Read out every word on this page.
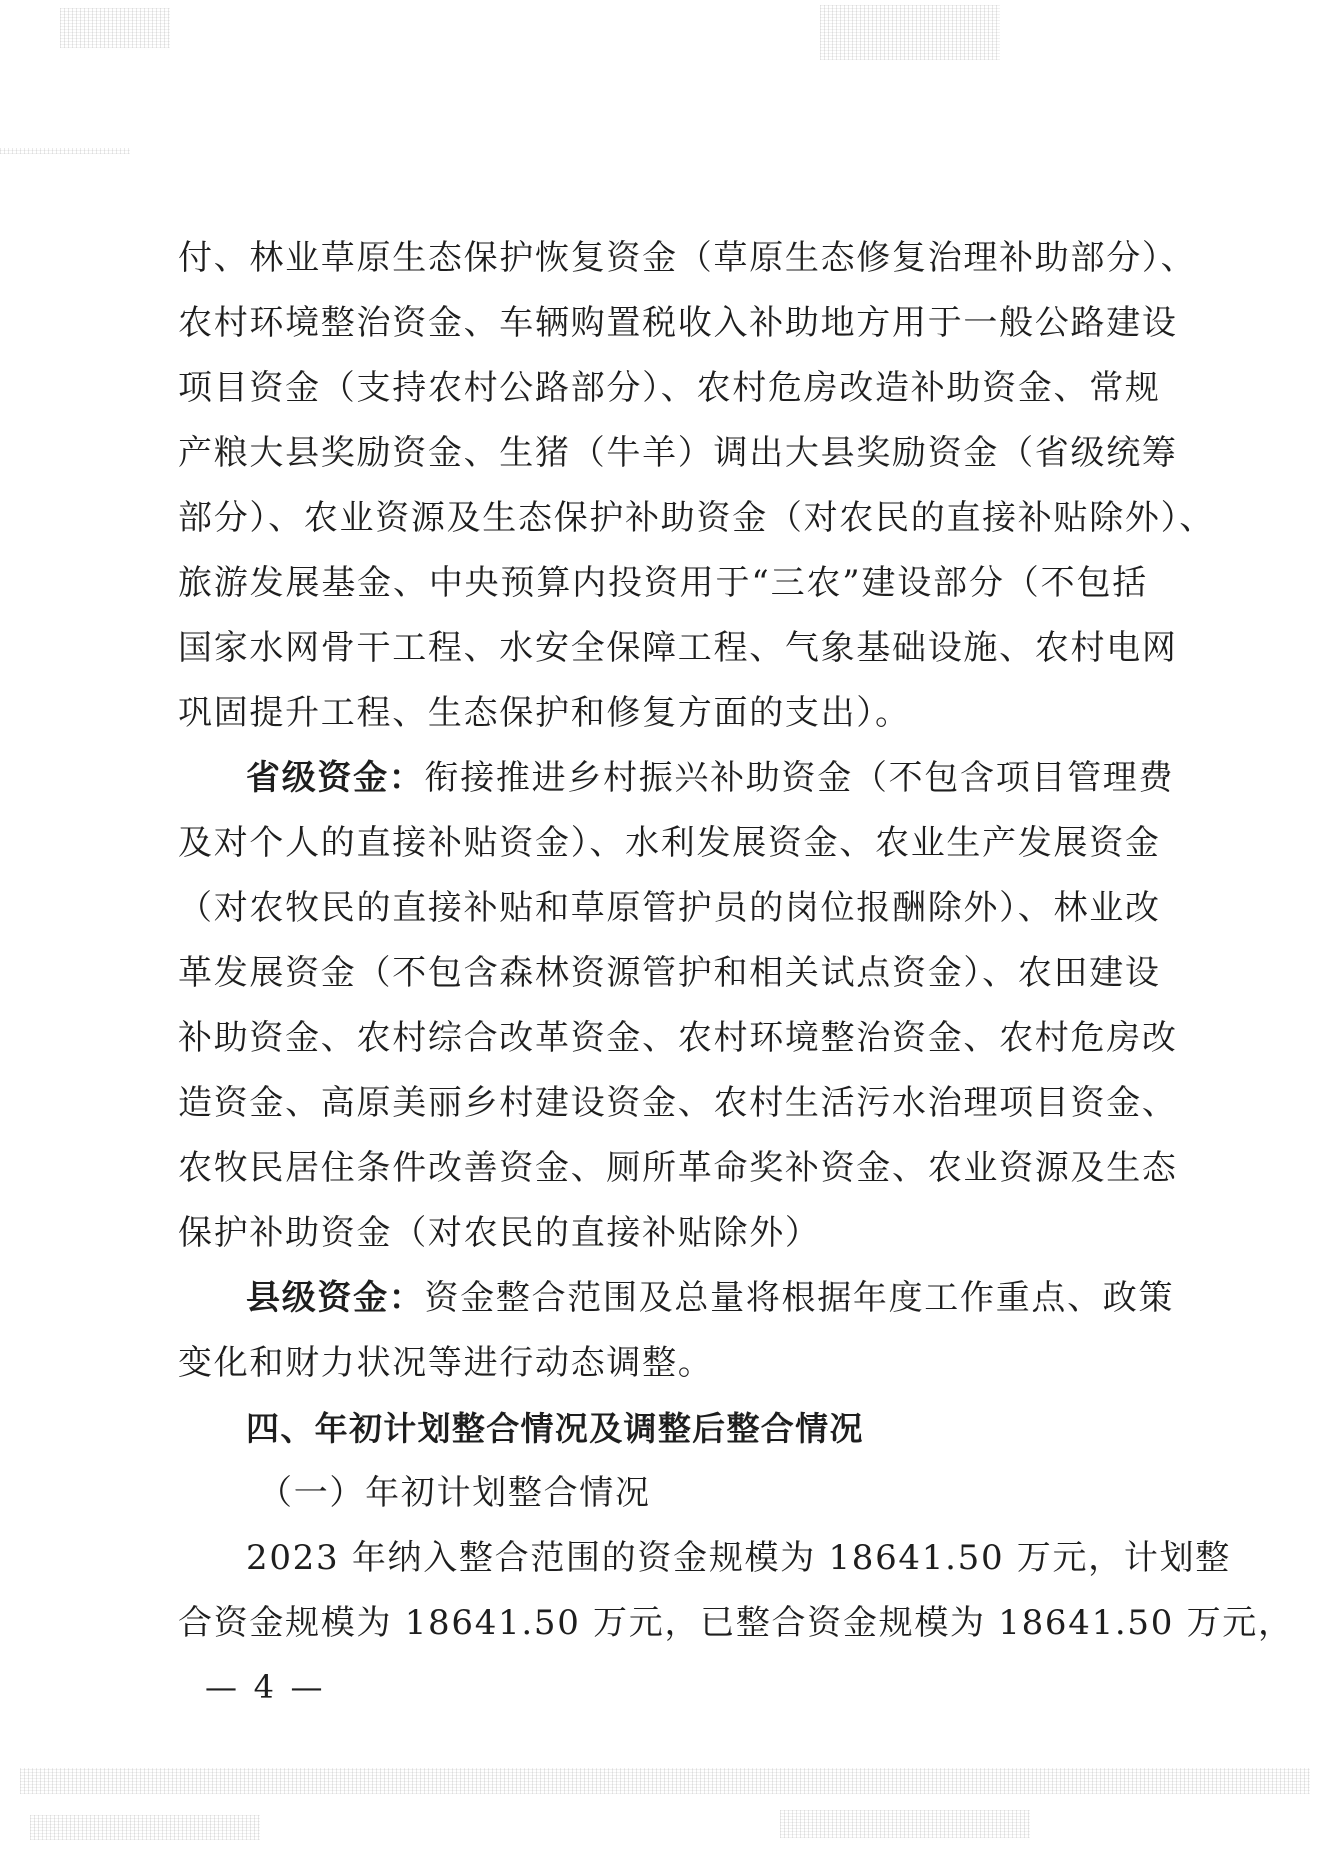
付、林业草原生态保护恢复资金（草原生态修复治理补助部分）、
农村环境整治资金、车辆购置税收入补助地方用于一般公路建设
项目资金（支持农村公路部分）、农村危房改造补助资金、常规
产粮大县奖励资金、生猪（牛羊）调出大县奖励资金（省级统筹
部分）、农业资源及生态保护补助资金（对农民的直接补贴除外）、
旅游发展基金、中央预算内投资用于“三农”建设部分（不包括
国家水网骨干工程、水安全保障工程、气象基础设施、农村电网
巩固提升工程、生态保护和修复方面的支出）。
省级资金：衔接推进乡村振兴补助资金（不包含项目管理费
及对个人的直接补贴资金）、水利发展资金、农业生产发展资金
（对农牧民的直接补贴和草原管护员的岗位报酬除外）、林业改
革发展资金（不包含森林资源管护和相关试点资金）、农田建设
补助资金、农村综合改革资金、农村环境整治资金、农村危房改
造资金、高原美丽乡村建设资金、农村生活污水治理项目资金、
农牧民居住条件改善资金、厕所革命奖补资金、农业资源及生态
保护补助资金（对农民的直接补贴除外）
县级资金：资金整合范围及总量将根据年度工作重点、政策
变化和财力状况等进行动态调整。
四、年初计划整合情况及调整后整合情况
（一）年初计划整合情况
2023 年纳入整合范围的资金规模为 18641.50 万元，计划整
合资金规模为 18641.50 万元，已整合资金规模为 18641.50 万元，
— 4 —
